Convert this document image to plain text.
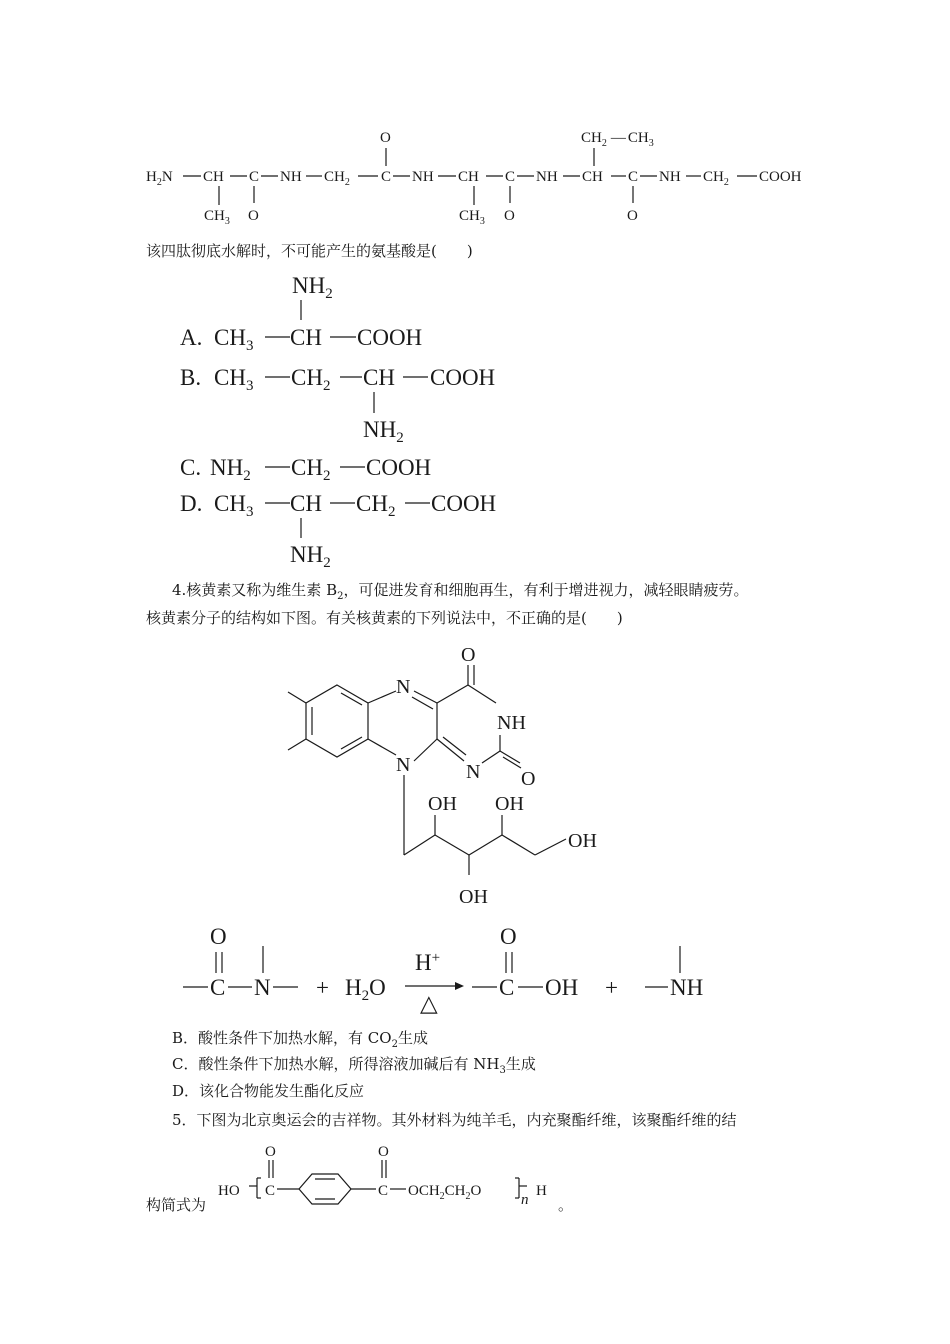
$H_2N$ CH
$CH_3$
C
O
NH $CH_2$ C
O
NH CH
$CH_3$
C
O
NH CH
$CH_2$ — $CH_3$
C
O
NH $CH_2$ COOH
该四肽彻底水解时，不可能产生的氨基酸是(　　)
$NH_2$
A. $CH_3$ CH COOH
B. $CH_3$ $CH_2$ CH
$NH_2$
COOH
C. $NH_2$ $CH_2$ COOH
D. $CH_3$ CH
$NH_2$
$CH_2$ COOH
4.核黄素又称为维生素 $B_2$，可促进发育和细胞再生，有利于增进视力，减轻眼睛疲劳。
核黄素分子的结构如下图。有关核黄素的下列说法中，不正确的是(　　)
N
N
O
NH
O
N
OH OH
OH
OH
O
C $N + H_2O$
H+
△
O
C OH + NH
B．酸性条件下加热水解，有 $CO_2$生成
C．酸性条件下加热水解，所得溶液加碱后有 $NH_3$生成
D．该化合物能发生酯化反应
5．下图为北京奥运会的吉祥物。其外材料为纯羊毛，内充聚酯纤维，该聚酯纤维的结
构简式为
HO
O
C
O
C $OCH_2CH_2O$
n
H
。
